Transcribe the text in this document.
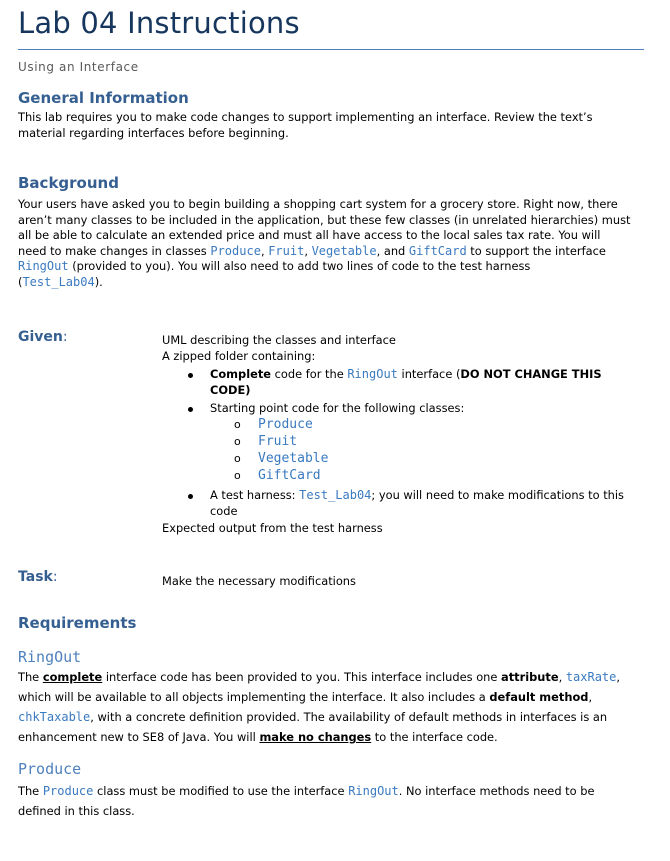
Lab 04 Instructions
Using an Interface
General Information
This lab requires you to make code changes to support implementing an interface. Review the text’s
material regarding interfaces before beginning.
Background
Your users have asked you to begin building a shopping cart system for a grocery store. Right now, there
aren’t many classes to be included in the application, but these few classes (in unrelated hierarchies) must
all be able to calculate an extended price and must all have access to the local sales tax rate. You will
need to make changes in classes Produce, Fruit, Vegetable, and GiftCard to support the interface
RingOut (provided to you). You will also need to add two lines of code to the test harness
(Test_Lab04).
Given:	UML describing the classes and interface
A zipped folder containing:
Complete code for the RingOut interface (DO NOT CHANGE THIS
CODE)
Starting point code for the following classes:
o Produce
o Fruit
o Vegetable
o GiftCard
A test harness: Test_Lab04; you will need to make modifications to this
code
Expected output from the test harness
Task:	Make the necessary modifications
Requirements
RingOut
The complete interface code has been provided to you. This interface includes one attribute, taxRate,
which will be available to all objects implementing the interface. It also includes a default method,
chkTaxable, with a concrete definition provided. The availability of default methods in interfaces is an
enhancement new to SE8 of Java. You will make no changes to the interface code.
Produce
The Produce class must be modified to use the interface RingOut. No interface methods need to be
defined in this class.
